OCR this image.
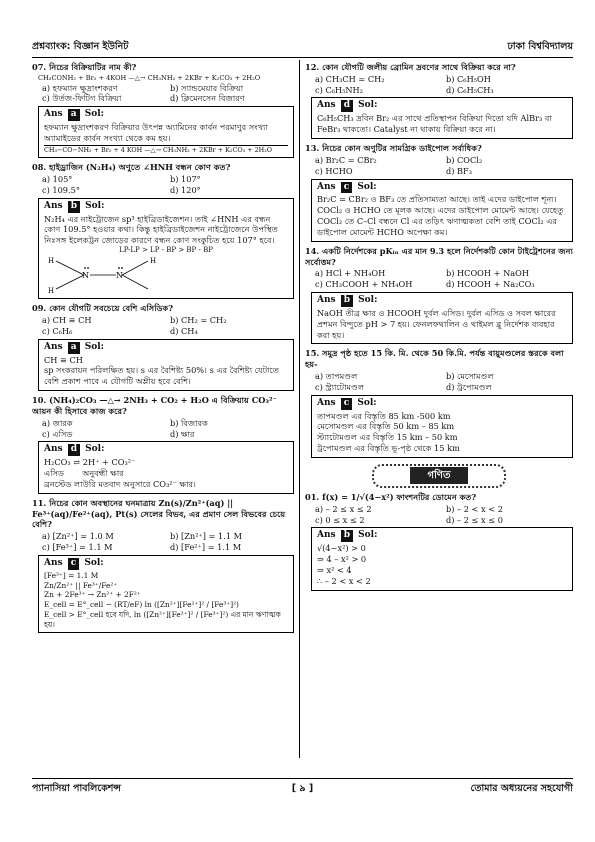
প্রশ্নব্যাংক: বিজ্ঞান ইউনিট	ঢাকা বিশ্ববিদ্যালয়
07. নিচের বিক্রিয়াটির নাম কী?
CH₃CONH₂ + Br₂ + 4KOH —△→ CH₃NH₂ + 2KBr + K₂CO₃ + 2H₂O
a) হফম্যান ক্ষুদ্রাংশকরণ	b) স্যান্ডমেয়ার বিক্রিয়া
c) উর্তজ-ফিটিগ বিক্রিয়া	d) ক্লিমেনসেন বিজারণ
Ans a Sol:
হফম্যান ক্ষুদ্রাংশকরণ বিক্রিয়ার উৎপন্ন অ্যামিনের কার্বন পরমাণুর সংখ্যা অ্যামাইডের কার্বন সংখ্যা থেকে কম হয়।
CH₃−CO−NH₂ + Br₂ + 4 KOH —△→ CH₃NH₂ + 2KBr + K₂CO₃ + 2H₂O
08. হাইড্রাজিন (N₂H₄) অণুতে ∠HNH বন্ধন কোণ কত?
a) 105°	b) 107°
c) 109.5°	d) 120°
Ans b Sol:
N₂H₄ এর নাইট্রোজেন sp³ হাইব্রিডাইজেশন। তাই ∠HNH এর বন্ধন কোণ 109.5° হওয়ার কথা। কিন্তু হাইব্রিডাইজেশন নাইট্রোজেনে উপস্থিত নিঃসঙ্গ ইলেকট্রন জোড়ের কারণে বন্ধন কোণ সংকুচিত হয়ে 107° হবে।
LP-LP > LP - BP > BP - BP
H
H
N	N
H
09. কোন যৌগটি সবচেয়ে বেশি এসিডিক?
a) CH ≡ CH	b) CH₂ = CH₂
c) C₆H₆	d) CH₄
Ans a Sol:
CH ≡ CH
sp সংকরায়ন পরিলক্ষিত হয়। s এর বৈশিষ্ট্য 50%। s এর বৈশিষ্ট্য যেটাতে বেশি প্রকাশ পাবে এ যৌগটি অম্লীয় হবে বেশি।
10. (NH₄)₂CO₃ —△→ 2NH₃ + CO₂ + H₂O এ বিক্রিয়ায় CO₃²⁻ আয়ন কী হিসাবে কাজ করে?
a) জারক	b) বিজারক
c) এসিড	d) ক্ষার
Ans d Sol:
H₂CO₃ ⇌ 2H⁺ + CO₃²⁻
এসিড       অনুবন্ধী ক্ষার
ব্রনস্টেড লাউরি মতবাদ অনুসারে CO₃²⁻ ক্ষার।
11. নিচের কোন অবস্থানের ঘনমাত্রায় Zn(s)/Zn²⁺(aq) || Fe³⁺(aq)/Fe²⁺(aq), Pt(s) সেলের বিভব, এর প্রমাণ সেল বিভবের চেয়ে বেশি?
a) [Zn²⁺] = 1.0 M	b) [Zn²⁺] = 1.1 M
c) [Fe³⁺] = 1.1 M	d) [Fe²⁺] = 1.1 M
Ans c Sol:
[Fe³⁺] = 1.1 M
Zn/Zn²⁺ || Fe³⁺/Fe²⁺
Zn + 2Fe³⁺ → Zn²⁺ + 2F²⁺
E_cell = E°_cell − (RT/eF) ln ([Zn²⁺][Fe²⁺]² / [Fe³⁺]²)
E_cell > E°_cell হবে যদি, ln ([Zn²⁺][Fe²⁺]² / [Fe³⁺]²) এর মান ঋণাত্মক হয়।
12. কোন যৌগটি জলীয় ব্রোমিন দ্রবণের সাথে বিক্রিয়া করে না?
a) CH₃CH = CH₂	b) C₆H₅OH
c) C₆H₅NH₂	d) C₆H₅CH₃
Ans d Sol:
C₆H₅CH₃ দ্রবিন Br₂ এর সাথে প্রতিস্থাপন বিক্রিয়া দিতো যদি AlBr₃ বা FeBr₃ থাকতো। Catalyst না থাকায় বিক্রিয়া করে না।
13. নিচের কোন অণুটির সামগ্রিক ডাইপোল সর্বাধিক?
a) Br₂C = CBr₂	b) COCl₂
c) HCHO	d) BF₃
Ans c Sol:
Br₂C = CBr₂ ও BF₃ তে প্রতিসাম্যতা আছে। তাই এদের ডাইপোল শূন্য। COCl₂ ও HCHO তে মূলক আছে। এদের ডাইপোল মোমেন্ট আছে। যেহেতু COCl₂ তে C–Cl বন্ধনে Cl এর তড়িৎ ঋণাত্মকতা বেশি তাই COCl₂ এর ডাইপোল মোমেন্ট HCHO অপেক্ষা কম।
14. একটি নির্দেশকের pKᵢₙ এর মান 9.3 হলে নির্দেশকটি কোন টাইট্রেশনের জন্য সর্বোত্তম?
a) HCl + NH₄OH	b) HCOOH + NaOH
c) CH₃COOH + NH₄OH	d) HCOOH + Na₂CO₃
Ans b Sol:
NaOH তীব্র ক্ষার ও HCOOH দুর্বল এসিড। দুর্বল এসিড ও সবল ক্ষারের প্রশমন বিন্দুতে pH > 7 হয়। ফেনলফথালিন ও থাইমল ব্লু নির্দেশক ব্যবহার করা হয়।
15. সমুদ্র পৃষ্ঠ হতে 15 কি. মি. থেকে 50 কি.মি. পর্যন্ত বায়ুমণ্ডলের স্তরকে বলা হয়-
a) তাপমণ্ডল	b) মেসোমণ্ডল
c) স্ট্র্যাটোমণ্ডল	d) ট্রপোমণ্ডল
Ans c Sol:
তাপমণ্ডল এর বিস্তৃতি 85 km -500 km
মেসোমণ্ডল এর বিস্তৃতি 50 km – 85 km
স্ট্যাটোমণ্ডল এর বিস্তৃতি 15 km – 50 km
ট্রপোমণ্ডল এর বিস্তৃতি ভূ-পৃষ্ঠ থেকে 15 km
গণিত
01. f(x) = 1/√(4−x²) ফাংশনটির ডোমেন কত?
a) – 2 ≤ x ≤ 2	b) – 2 < x < 2
c) 0 ≤ x ≤ 2	d) – 2 ≤ x ≤ 0
Ans b Sol:
√(4−x²) > 0
⇒ 4 – x² > 0
⇒ x² < 4
∴ – 2 < x < 2
প্যানাসিয়া পাবলিকেশন্স	[ ৯ ]	তোমার অধ্যয়নের সহযোগী
